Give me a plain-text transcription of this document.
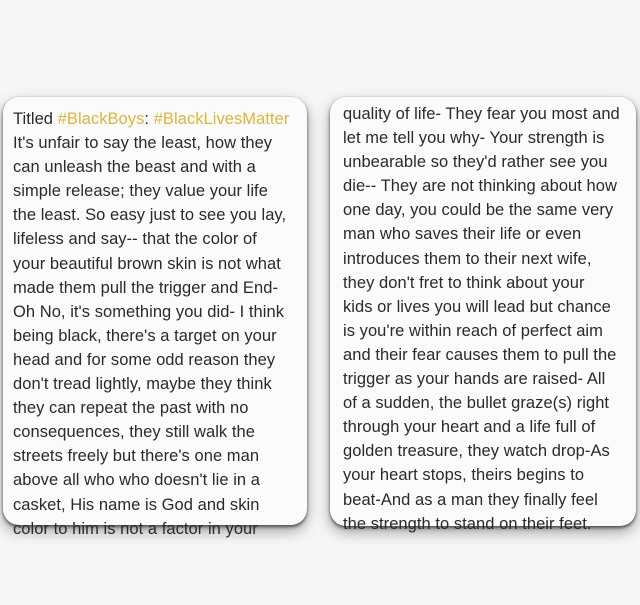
Titled #BlackBoys: #BlackLivesMatter
It's unfair to say the least, how they
can unleash the beast and with a
simple release; they value your life
the least. So easy just to see you lay,
lifeless and say-- that the color of
your beautiful brown skin is not what
made them pull the trigger and End-
Oh No, it's something you did- I think
being black, there's a target on your
head and for some odd reason they
don't tread lightly, maybe they think
they can repeat the past with no
consequences, they still walk the
streets freely but there's one man
above all who who doesn't lie in a
casket, His name is God and skin
color to him is not a factor in your
quality of life- They fear you most and
let me tell you why- Your strength is
unbearable so they'd rather see you
die-- They are not thinking about how
one day, you could be the same very
man who saves their life or even
introduces them to their next wife,
they don't fret to think about your
kids or lives you will lead but chance
is you're within reach of perfect aim
and their fear causes them to pull the
trigger as your hands are raised- All
of a sudden, the bullet graze(s) right
through your heart and a life full of
golden treasure, they watch drop-As
your heart stops, theirs begins to
beat-And as a man they finally feel
the strength to stand on their feet.
